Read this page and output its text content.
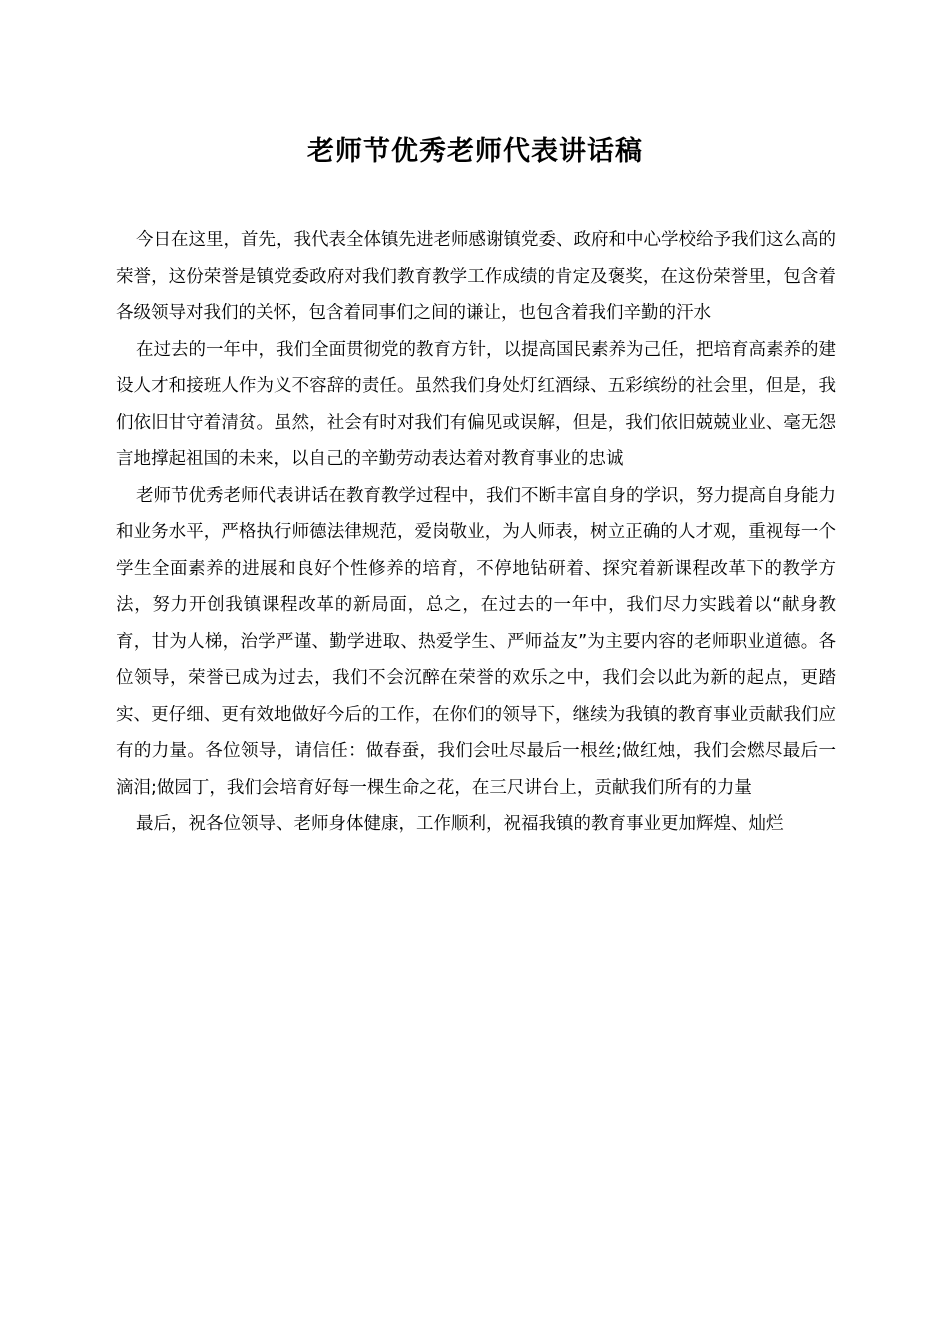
老师节优秀老师代表讲话稿

今日在这里，首先，我代表全体镇先进老师感谢镇党委、政府和中心学校给予我们这么高的荣誉，这份荣誉是镇党委政府对我们教育教学工作成绩的肯定及褒奖，在这份荣誉里，包含着各级领导对我们的关怀，包含着同事们之间的谦让，也包含着我们辛勤的汗水

在过去的一年中，我们全面贯彻党的教育方针，以提高国民素养为己任，把培育高素养的建设人才和接班人作为义不容辞的责任。虽然我们身处灯红酒绿、五彩缤纷的社会里，但是，我们依旧甘守着清贫。虽然，社会有时对我们有偏见或误解，但是，我们依旧兢兢业业、毫无怨言地撑起祖国的未来，以自己的辛勤劳动表达着对教育事业的忠诚

老师节优秀老师代表讲话在教育教学过程中，我们不断丰富自身的学识，努力提高自身能力和业务水平，严格执行师德法律规范，爱岗敬业，为人师表，树立正确的人才观，重视每一个学生全面素养的进展和良好个性修养的培育，不停地钻研着、探究着新课程改革下的教学方法，努力开创我镇课程改革的新局面，总之，在过去的一年中，我们尽力实践着以“献身教育，甘为人梯，治学严谨、勤学进取、热爱学生、严师益友”为主要内容的老师职业道德。各位领导，荣誉已成为过去，我们不会沉醉在荣誉的欢乐之中，我们会以此为新的起点，更踏实、更仔细、更有效地做好今后的工作，在你们的领导下，继续为我镇的教育事业贡献我们应有的力量。各位领导，请信任：做春蚕，我们会吐尽最后一根丝;做红烛，我们会燃尽最后一滴泪;做园丁，我们会培育好每一棵生命之花，在三尺讲台上，贡献我们所有的力量

最后，祝各位领导、老师身体健康，工作顺利，祝福我镇的教育事业更加辉煌、灿烂
